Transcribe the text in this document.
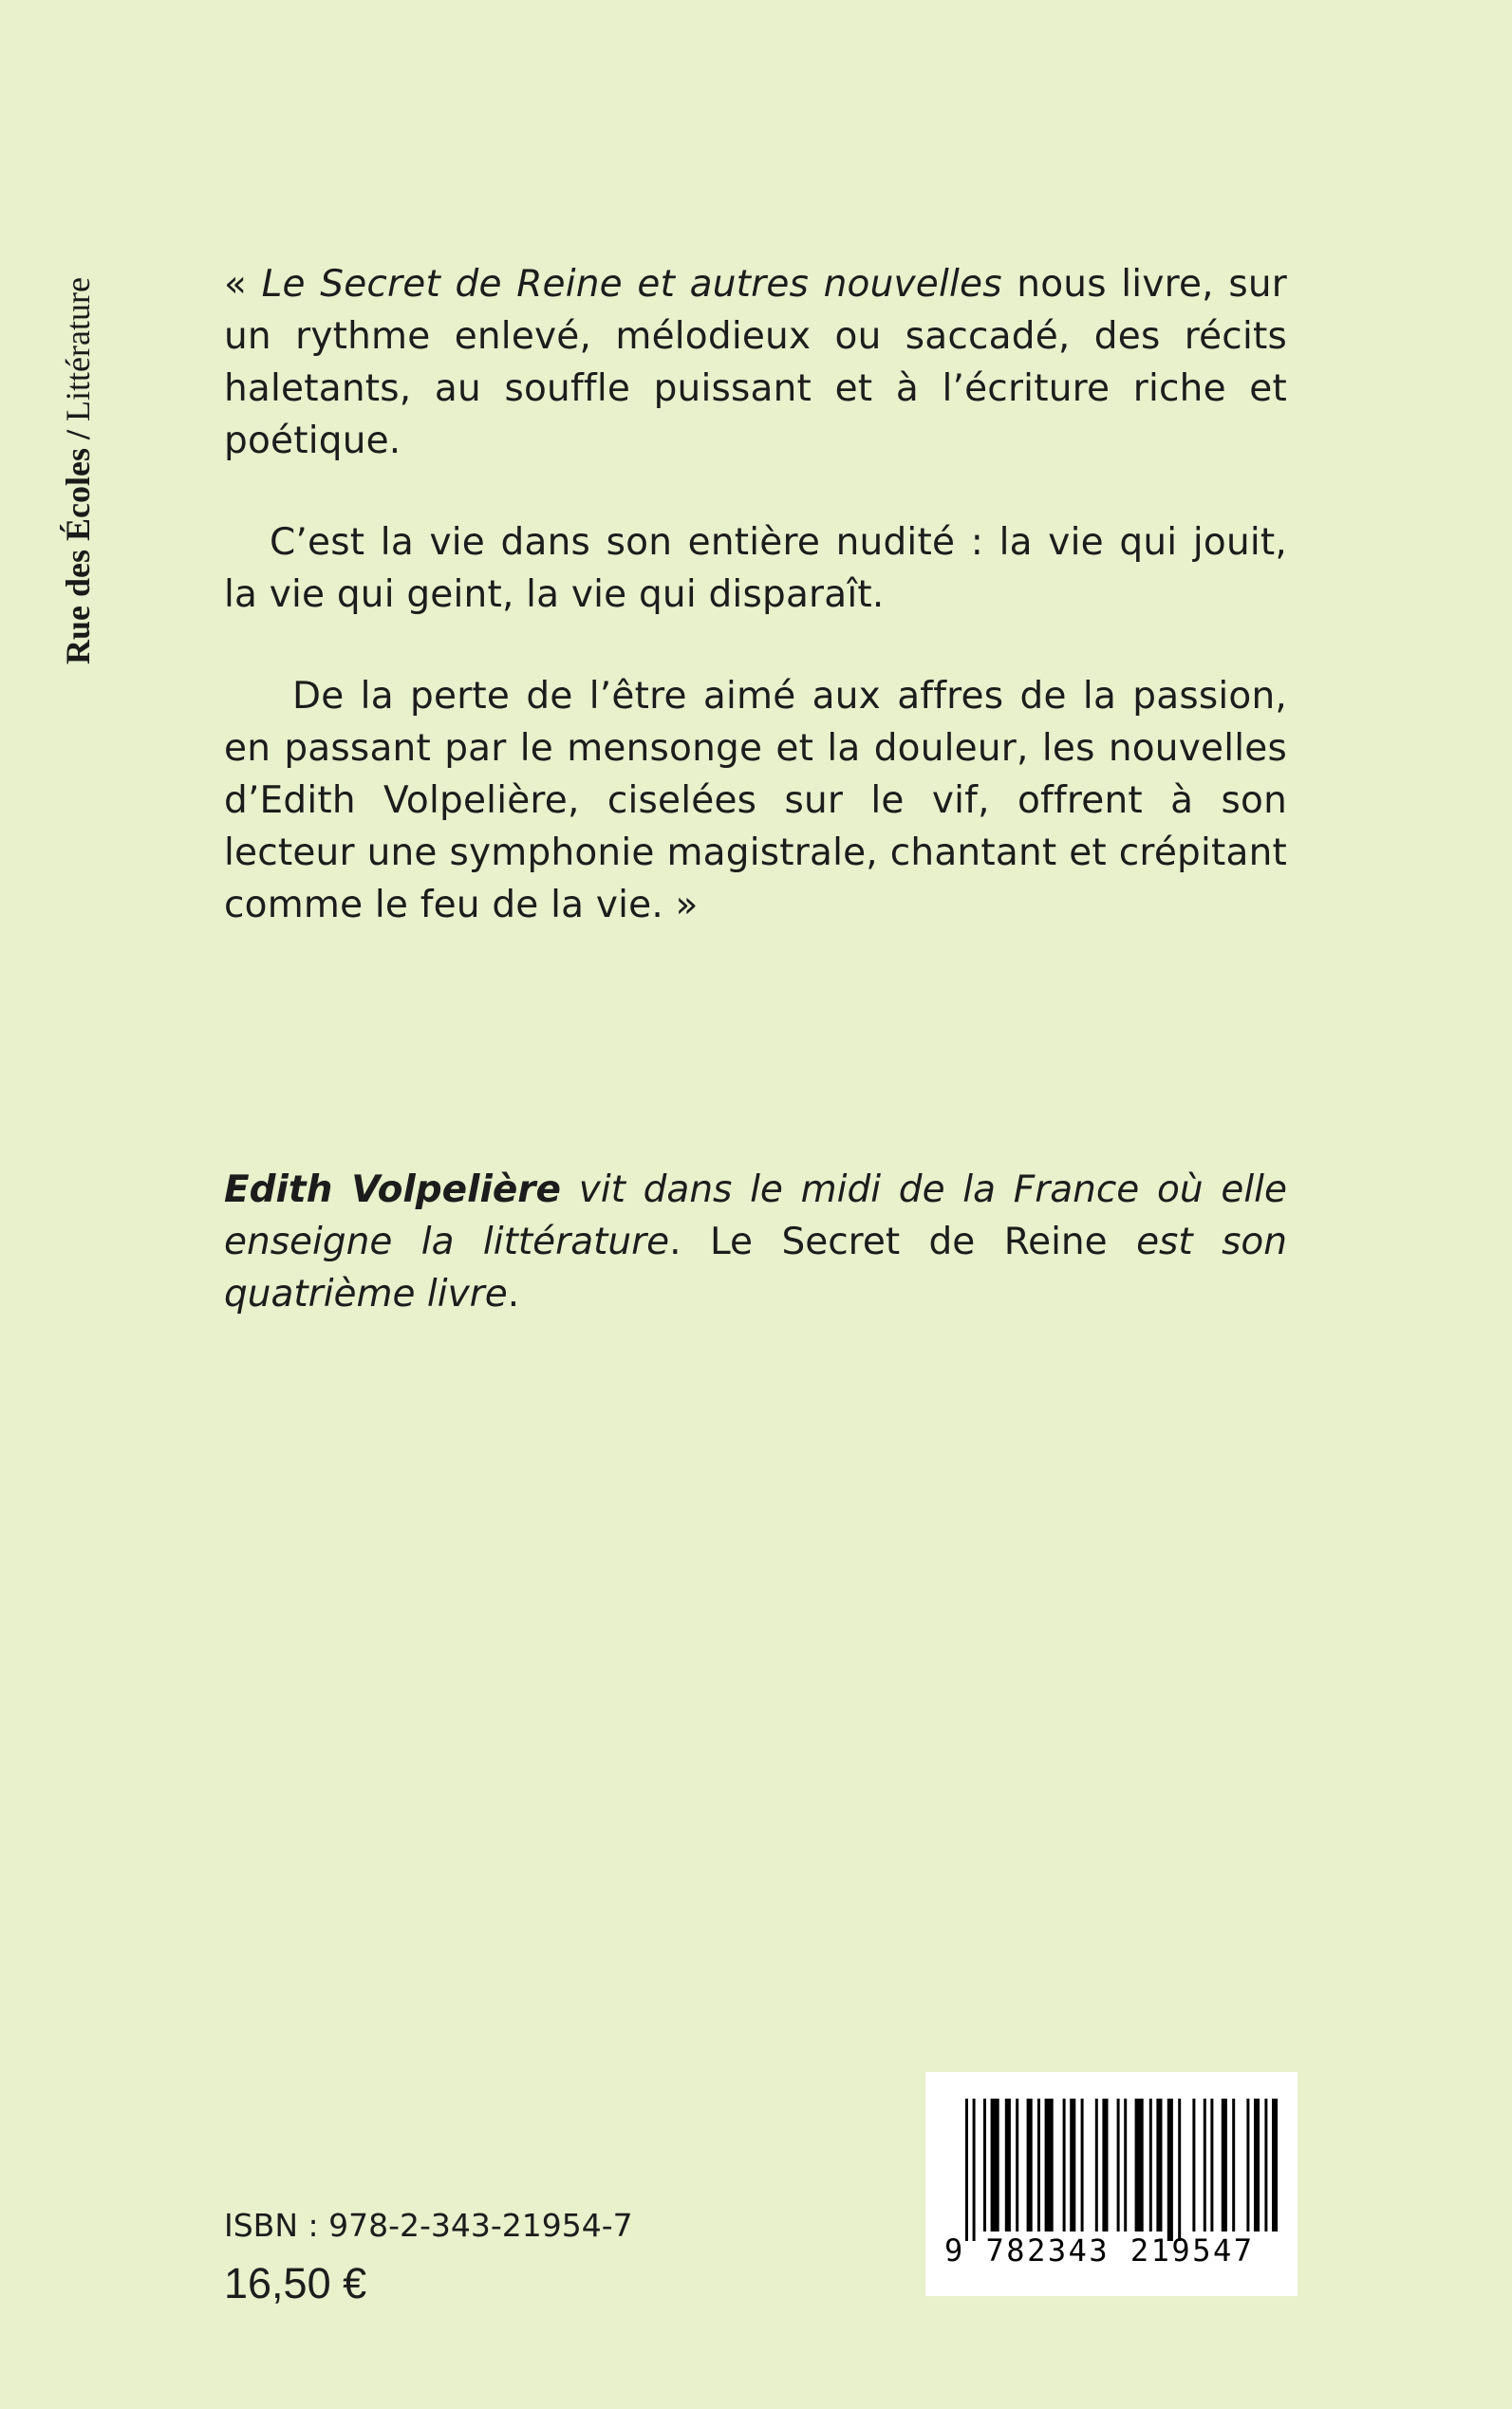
Rue des Écoles / Littérature	« Le Secret de Reine et autres nouvelles nous livre, sur un rythme enlevé, mélodieux ou saccadé, des récits haletants, au souffle puissant et à l’écriture riche et poétique.

C’est la vie dans son entière nudité : la vie qui jouit, la vie qui geint, la vie qui disparaît.

De la perte de l’être aimé aux affres de la passion, en passant par le mensonge et la douleur, les nouvelles d’Edith Volpelière, ciselées sur le vif, offrent à son lecteur une symphonie magistrale, chantant et crépitant comme le feu de la vie. »

Edith Volpelière vit dans le midi de la France où elle enseigne la littérature. Le Secret de Reine est son quatrième livre.

ISBN : 978-2-343-21954-7
16,50 €
9 782343 219547
